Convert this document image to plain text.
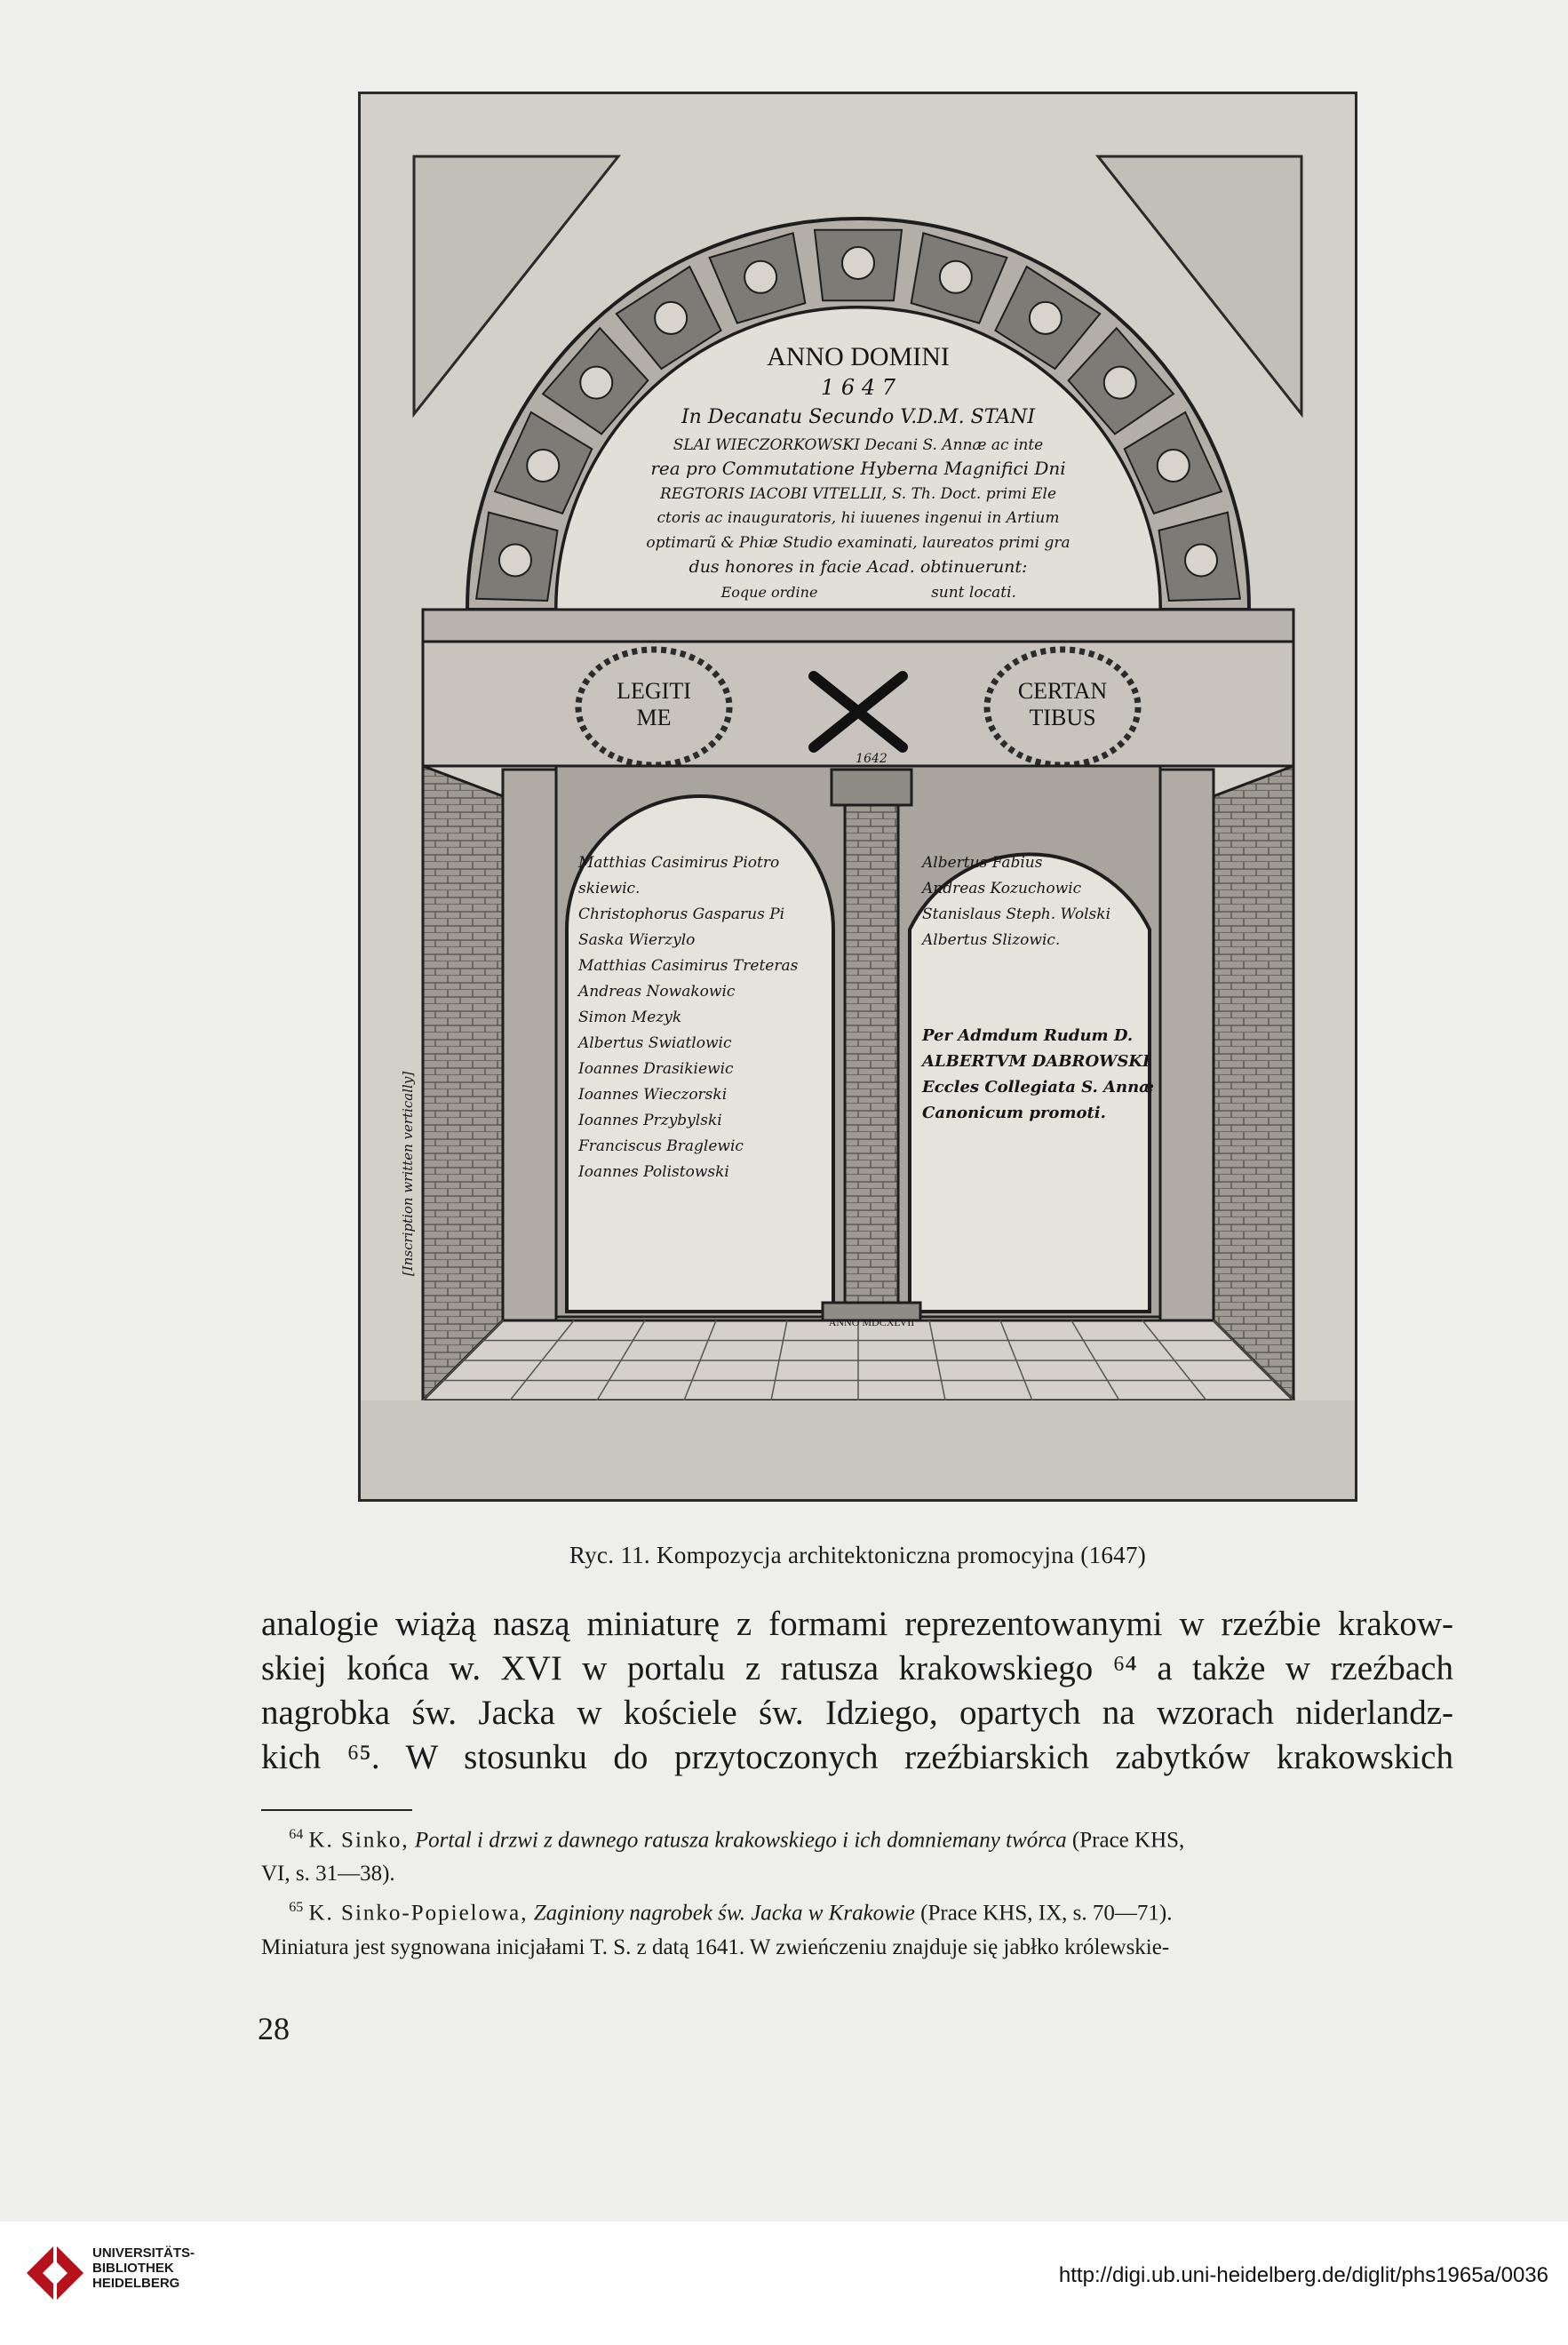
ANNO DOMINI
1 6 4 7
In Decanatu Secundo V.D.M. STANI
SLAI WIECZORKOWSKI Decani S. Annæ ac inte
rea pro Commutatione Hyberna Magnifici Dni
REGTORIS IACOBI VITELLII, S. Th. Doct. primi Ele
ctoris ac inauguratoris, hi iuuenes ingenui in Artium
optimarũ & Phiæ Studio examinati, laureatos primi gra
dus honores in facie Acad. obtinuerunt:
Eoque ordine	sunt locati.
LEGITI
ME
CERTAN
TIBUS
1642
ANNO MDCXLVII
[Inscription written vertically]
Matthias Casimirus Piotro
skiewic.
Christophorus Gasparus Pi
Saska Wierzylo
Matthias Casimirus Treteras
Andreas Nowakowic
Simon Mezyk
Albertus Swiatlowic
Ioannes Drasikiewic
Ioannes Wieczorski
Ioannes Przybylski
Franciscus Braglewic
Ioannes Polistowski
Albertus Fabius
Andreas Kozuchowic
Stanislaus Steph. Wolski
Albertus Slizowic.
Per Admdum Rudum D.
ALBERTVM DABROWSKI
Eccles Collegiata S. Annæ
Canonicum promoti.
Ryc. 11. Kompozycja architektoniczna promocyjna (1647)
analogie wiążą naszą miniaturę z formami reprezentowanymi w rzeźbie krakow-
skiej końca w. XVI w portalu z ratusza krakowskiego ⁶⁴ a także w rzeźbach
nagrobka św. Jacka w kościele św. Idziego, opartych na wzorach niderlandz-
kich ⁶⁵. W stosunku do przytoczonych rzeźbiarskich zabytków krakowskich
$^{64}$ K. Sinko, Portal i drzwi z dawnego ratusza krakowskiego i ich domniemany twórca (Prace KHS,
VI, s. 31—38).
$^{65}$ K. Sinko-Popielowa, Zaginiony nagrobek św. Jacka w Krakowie (Prace KHS, IX, s. 70—71).
Miniatura jest sygnowana inicjałami T. S. z datą 1641. W zwieńczeniu znajduje się jabłko królewskie-
28
UNIVERSITÄTS-
BIBLIOTHEK
HEIDELBERG	http://digi.ub.uni-heidelberg.de/diglit/phs1965a/0036
